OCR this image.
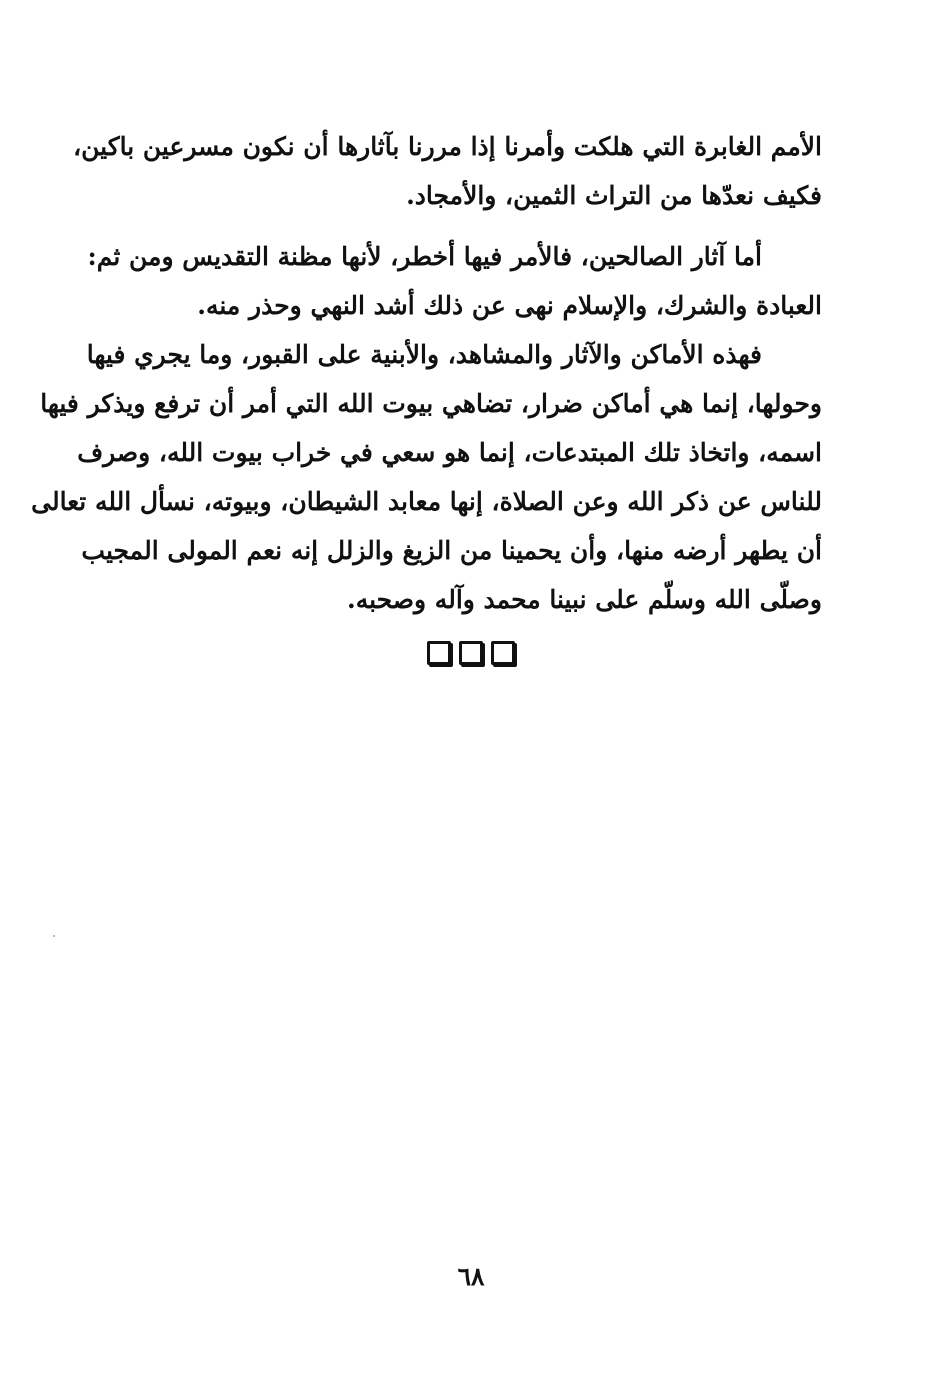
الأمم الغابرة التي هلكت وأمرنا إذا مررنا بآثارها أن نكون مسرعين باكين،
فكيف نعدّها من التراث الثمين، والأمجاد.
أما آثار الصالحين، فالأمر فيها أخطر، لأنها مظنة التقديس ومن ثم:
العبادة والشرك، والإسلام نهى عن ذلك أشد النهي وحذر منه.
فهذه الأماكن والآثار والمشاهد، والأبنية على القبور، وما يجري فيها
وحولها، إنما هي أماكن ضرار، تضاهي بيوت الله التي أمر أن ترفع ويذكر فيها
اسمه، واتخاذ تلك المبتدعات، إنما هو سعي في خراب بيوت الله، وصرف
للناس عن ذكر الله وعن الصلاة، إنها معابد الشيطان، وبيوته، نسأل الله تعالى
أن يطهر أرضه منها، وأن يحمينا من الزيغ والزلل إنه نعم المولى المجيب
وصلّى الله وسلّم على نبينا محمد وآله وصحبه.
٦٨
